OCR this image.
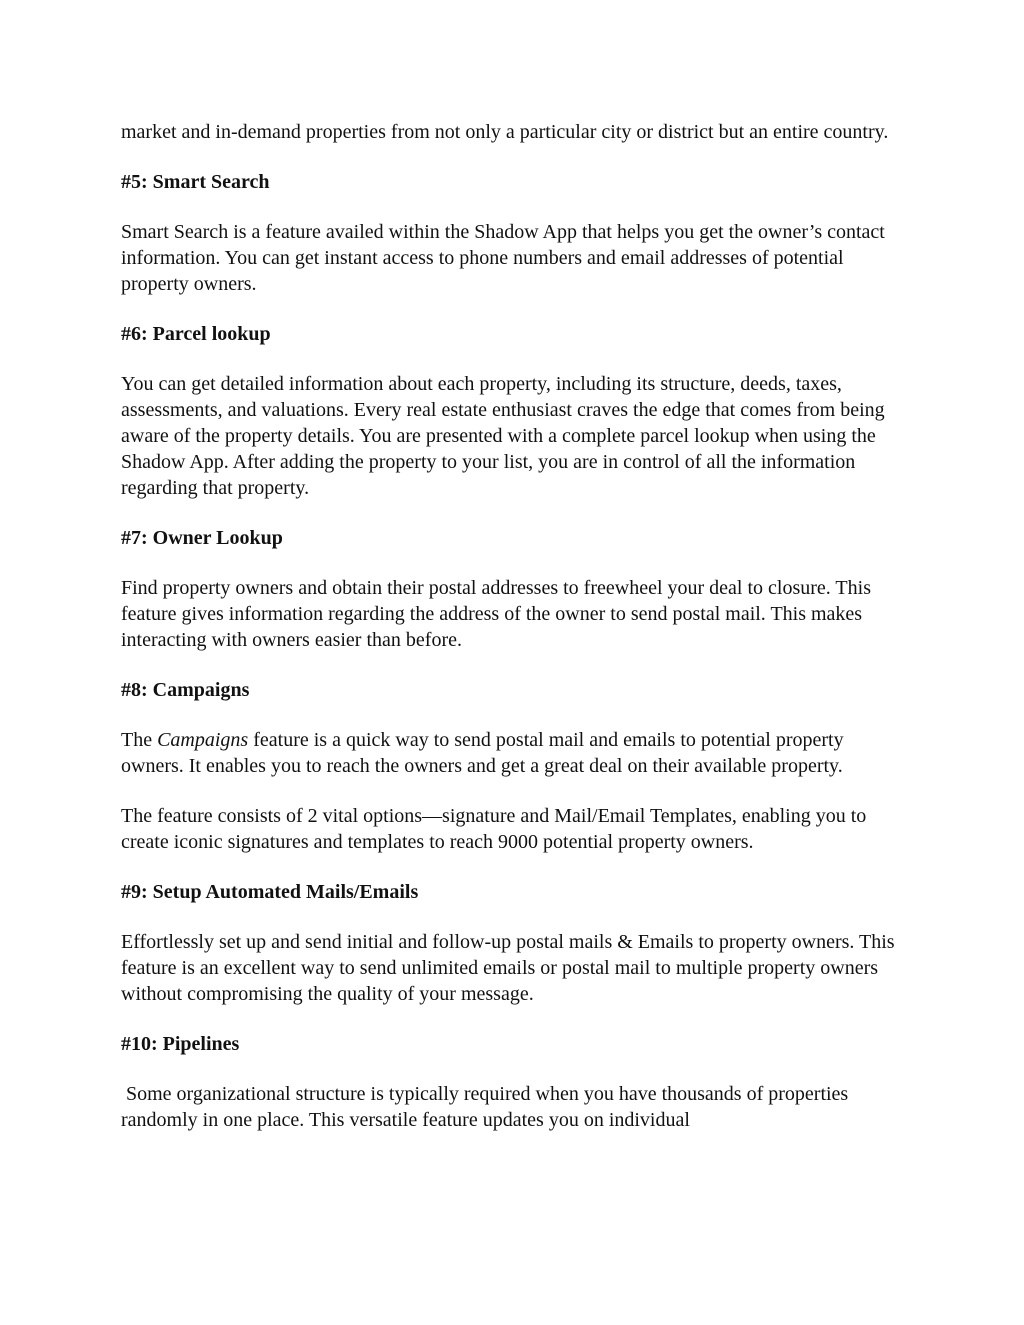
market and in-demand properties from not only a particular city or district but an entire country.

#5: Smart Search

Smart Search is a feature availed within the Shadow App that helps you get the owner’s contact information. You can get instant access to phone numbers and email addresses of potential property owners.

#6: Parcel lookup

You can get detailed information about each property, including its structure, deeds, taxes, assessments, and valuations. Every real estate enthusiast craves the edge that comes from being aware of the property details. You are presented with a complete parcel lookup when using the Shadow App. After adding the property to your list, you are in control of all the information regarding that property.

#7: Owner Lookup

Find property owners and obtain their postal addresses to freewheel your deal to closure. This feature gives information regarding the address of the owner to send postal mail. This makes interacting with owners easier than before.

#8: Campaigns

The Campaigns feature is a quick way to send postal mail and emails to potential property owners. It enables you to reach the owners and get a great deal on their available property.

The feature consists of 2 vital options—signature and Mail/Email Templates, enabling you to create iconic signatures and templates to reach 9000 potential property owners.

#9: Setup Automated Mails/Emails

Effortlessly set up and send initial and follow-up postal mails & Emails to property owners. This feature is an excellent way to send unlimited emails or postal mail to multiple property owners without compromising the quality of your message.

#10: Pipelines

Some organizational structure is typically required when you have thousands of properties randomly in one place. This versatile feature updates you on individual
